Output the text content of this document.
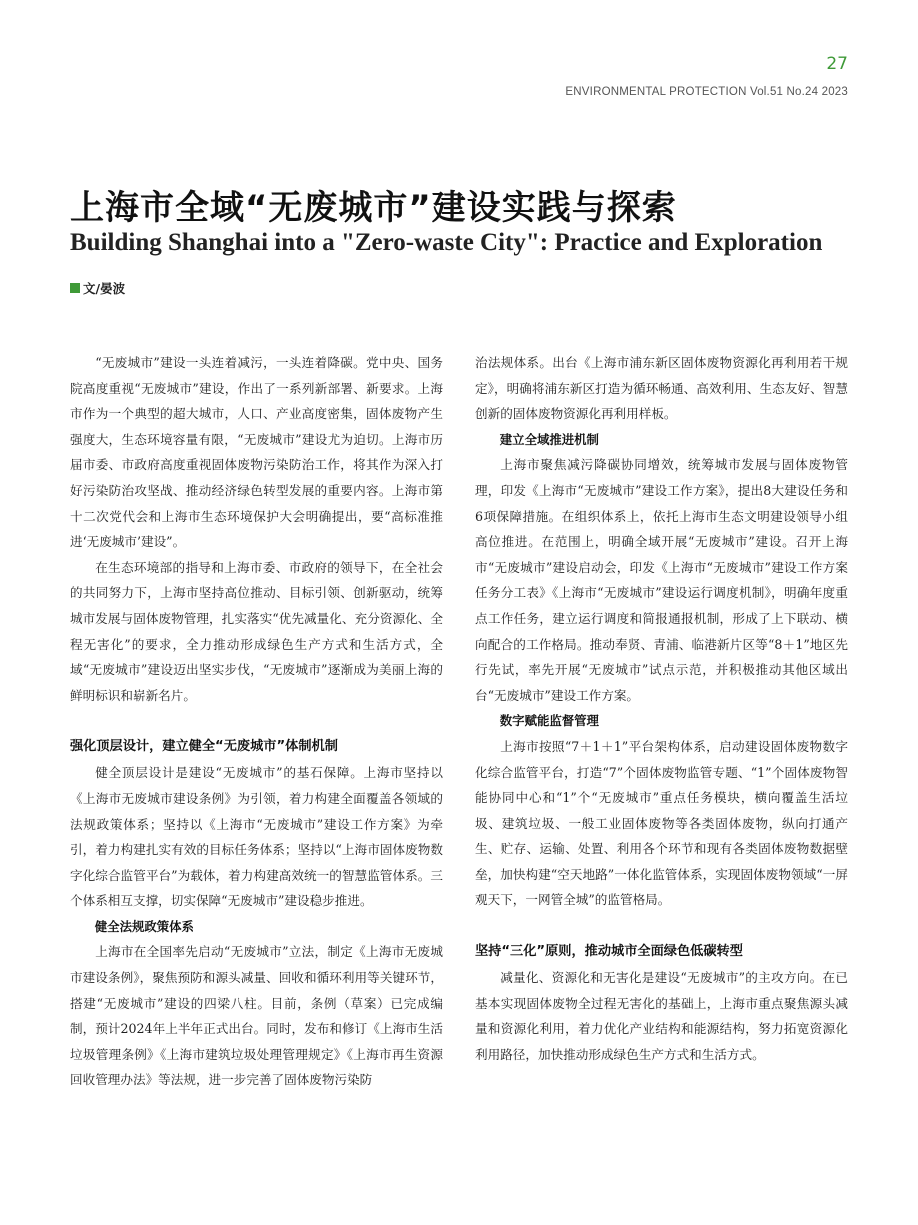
27
ENVIRONMENTAL PROTECTION Vol.51 No.24 2023
上海市全域“无废城市”建设实践与探索
Building Shanghai into a "Zero-waste City": Practice and Exploration
文/晏波

“无废城市”建设一头连着减污，一头连着降碳。党中央、国务院高度重视“无废城市”建设，作出了一系列新部署、新要求。上海市作为一个典型的超大城市，人口、产业高度密集，固体废物产生强度大，生态环境容量有限，“无废城市”建设尤为迫切。上海市历届市委、市政府高度重视固体废物污染防治工作，将其作为深入打好污染防治攻坚战、推动经济绿色转型发展的重要内容。上海市第十二次党代会和上海市生态环境保护大会明确提出，要“高标准推进‘无废城市’建设”。

在生态环境部的指导和上海市委、市政府的领导下，在全社会的共同努力下，上海市坚持高位推动、目标引领、创新驱动，统筹城市发展与固体废物管理，扎实落实“优先减量化、充分资源化、全程无害化”的要求，全力推动形成绿色生产方式和生活方式，全域“无废城市”建设迈出坚实步伐，“无废城市”逐渐成为美丽上海的鲜明标识和崭新名片。

强化顶层设计，建立健全“无废城市”体制机制

健全顶层设计是建设“无废城市”的基石保障。上海市坚持以《上海市无废城市建设条例》为引领，着力构建全面覆盖各领域的法规政策体系；坚持以《上海市“无废城市”建设工作方案》为牵引，着力构建扎实有效的目标任务体系；坚持以“上海市固体废物数字化综合监管平台”为载体，着力构建高效统一的智慧监管体系。三个体系相互支撑，切实保障“无废城市”建设稳步推进。

健全法规政策体系

上海市在全国率先启动“无废城市”立法，制定《上海市无废城市建设条例》，聚焦预防和源头减量、回收和循环利用等关键环节，搭建“无废城市”建设的四梁八柱。目前，条例（草案）已完成编制，预计2024年上半年正式出台。同时，发布和修订《上海市生活垃圾管理条例》《上海市建筑垃圾处理管理规定》《上海市再生资源回收管理办法》等法规，进一步完善了固体废物污染防

治法规体系。出台《上海市浦东新区固体废物资源化再利用若干规定》，明确将浦东新区打造为循环畅通、高效利用、生态友好、智慧创新的固体废物资源化再利用样板。

建立全域推进机制

上海市聚焦减污降碳协同增效，统筹城市发展与固体废物管理，印发《上海市“无废城市”建设工作方案》，提出8大建设任务和6项保障措施。在组织体系上，依托上海市生态文明建设领导小组高位推进。在范围上，明确全域开展“无废城市”建设。召开上海市“无废城市”建设启动会，印发《上海市“无废城市”建设工作方案任务分工表》《上海市“无废城市”建设运行调度机制》，明确年度重点工作任务，建立运行调度和简报通报机制，形成了上下联动、横向配合的工作格局。推动奉贤、青浦、临港新片区等“8＋1”地区先行先试，率先开展“无废城市”试点示范，并积极推动其他区域出台“无废城市”建设工作方案。

数字赋能监督管理

上海市按照“7＋1＋1”平台架构体系，启动建设固体废物数字化综合监管平台，打造“7”个固体废物监管专题、“1”个固体废物智能协同中心和“1”个“无废城市”重点任务模块，横向覆盖生活垃圾、建筑垃圾、一般工业固体废物等各类固体废物，纵向打通产生、贮存、运输、处置、利用各个环节和现有各类固体废物数据壁垒，加快构建“空天地路”一体化监管体系，实现固体废物领域“一屏观天下，一网管全城”的监管格局。

坚持“三化”原则，推动城市全面绿色低碳转型

减量化、资源化和无害化是建设“无废城市”的主攻方向。在已基本实现固体废物全过程无害化的基础上，上海市重点聚焦源头减量和资源化利用，着力优化产业结构和能源结构，努力拓宽资源化利用路径，加快推动形成绿色生产方式和生活方式。
